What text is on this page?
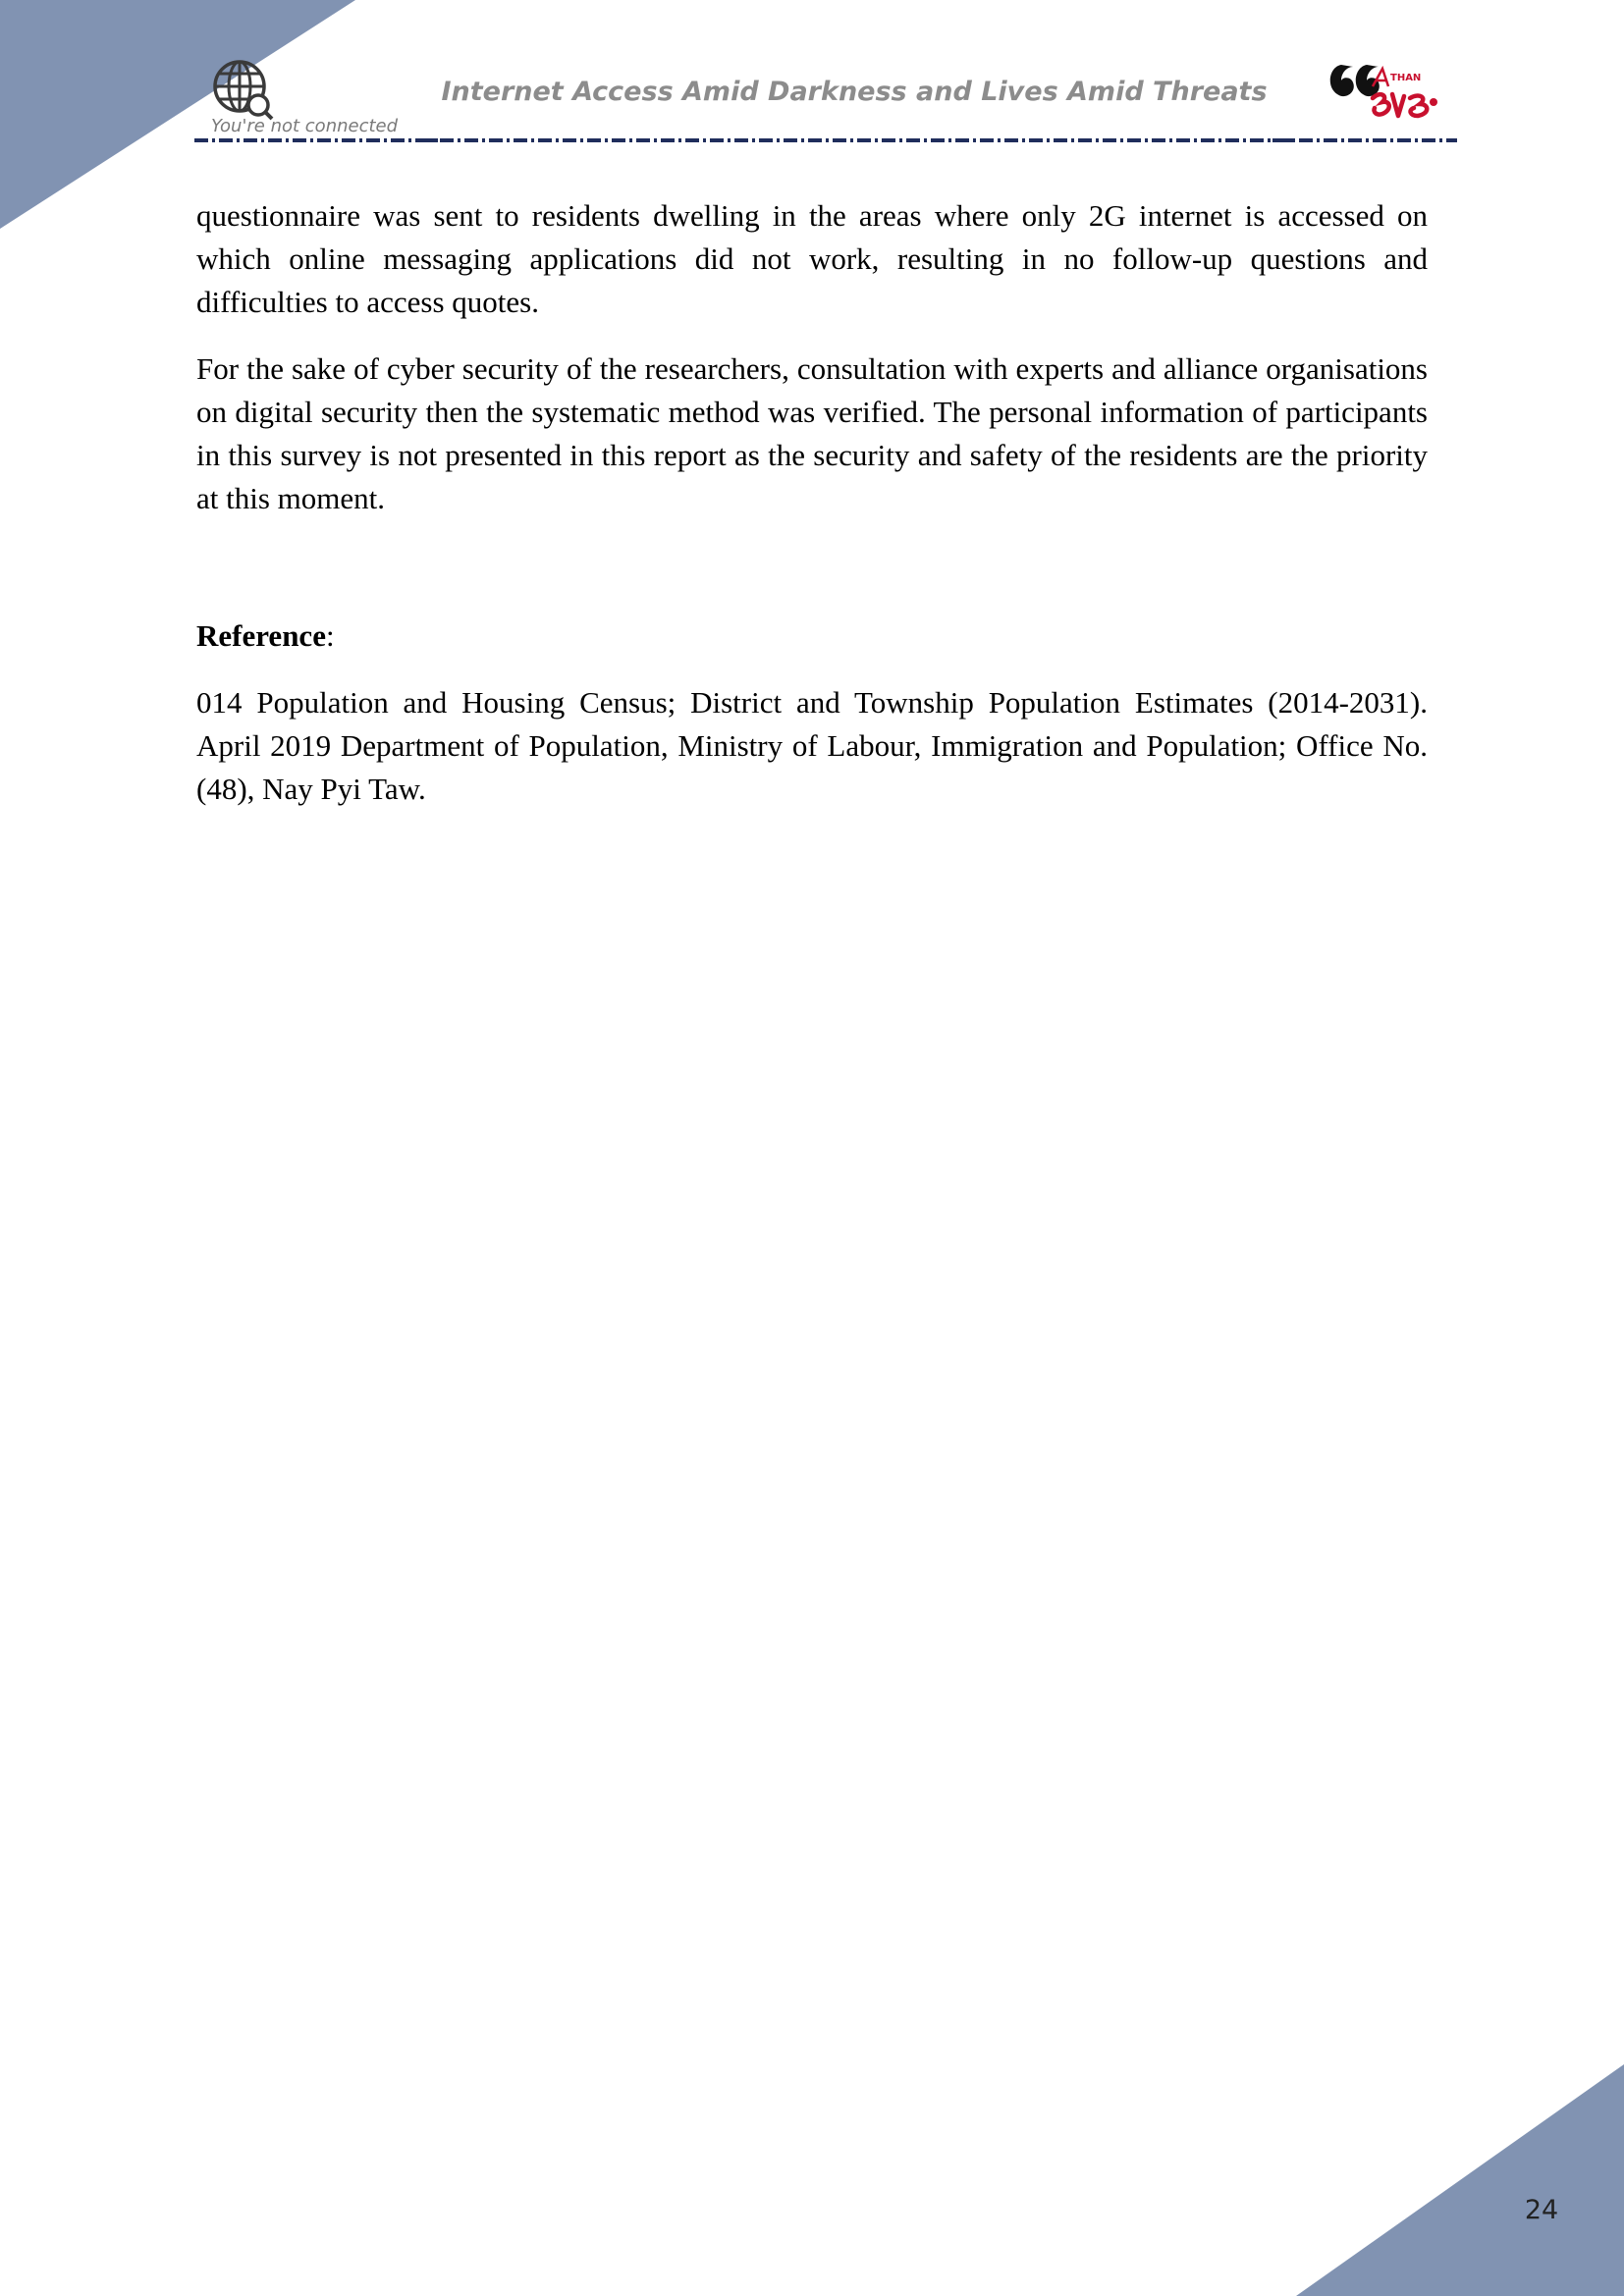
You're not connected
Internet Access Amid Darkness and Lives Amid Threats	THAN

questionnaire was sent to residents dwelling in the areas where only 2G internet is accessed on which online messaging applications did not work, resulting in no follow-up questions and difficulties to access quotes.

For the sake of cyber security of the researchers, consultation with experts and alliance organisations on digital security then the systematic method was verified. The personal information of participants in this survey is not presented in this report as the security and safety of the residents are the priority at this moment.

Reference:

014 Population and Housing Census; District and Township Population Estimates (2014-2031). April 2019 Department of Population, Ministry of Labour, Immigration and Population; Office No. (48), Nay Pyi Taw.

24
